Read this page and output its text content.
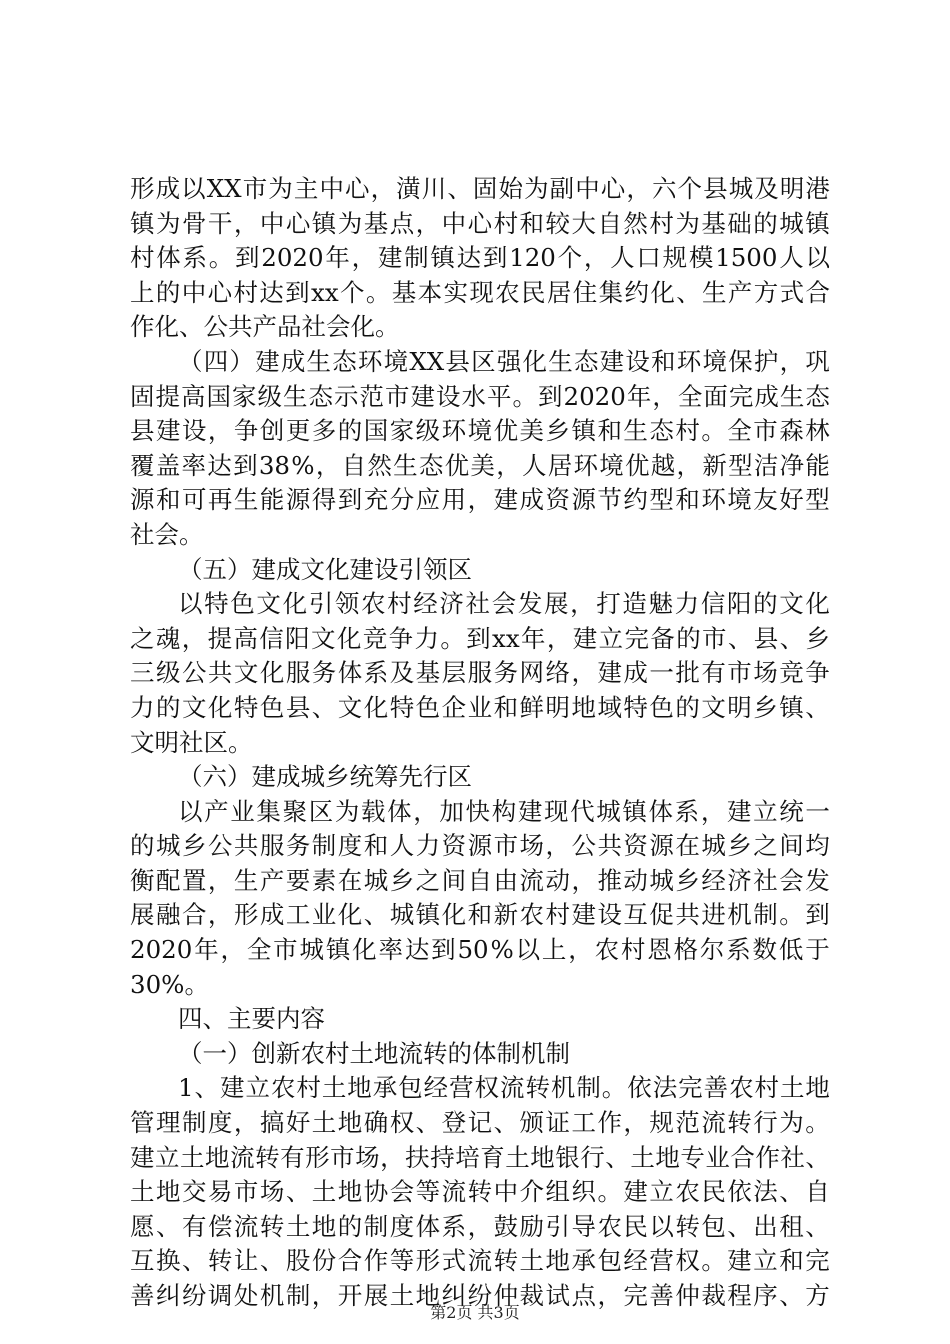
形 成 以 XX 市 为 主 中 心 ， 潢 川 、 固 始 为 副 中 心 ， 六 个 县 城 及 明 港
镇 为 骨 干 ， 中 心 镇 为 基 点 ， 中 心 村 和 较 大 自 然 村 为 基 础 的 城 镇
村 体 系 。 到 2020 年 ， 建 制 镇 达 到 120 个 ， 人 口 规 模 1500 人 以
上 的 中 心 村 达 到 xx 个 。 基 本 实 现 农 民 居 住 集 约 化 、 生 产 方 式 合
作化、公共产品社会化。
（ 四 ） 建 成 生 态 环 境 XX 县 区 强 化 生 态 建 设 和 环 境 保 护 ， 巩
固 提 高 国 家 级 生 态 示 范 市 建 设 水 平 。 到 2020 年 ， 全 面 完 成 生 态
县 建 设 ， 争 创 更 多 的 国 家 级 环 境 优 美 乡 镇 和 生 态 村 。 全 市 森 林
覆 盖 率 达 到 38 % ， 自 然 生 态 优 美 ， 人 居 环 境 优 越 ， 新 型 洁 净 能
源 和 可 再 生 能 源 得 到 充 分 应 用 ， 建 成 资 源 节 约 型 和 环 境 友 好 型
社会。
（五）建成文化建设引领区
以 特 色 文 化 引 领 农 村 经 济 社 会 发 展 ， 打 造 魅 力 信 阳 的 文 化
之 魂 ， 提 高 信 阳 文 化 竞 争 力 。 到 xx 年 ， 建 立 完 备 的 市 、 县 、 乡
三 级 公 共 文 化 服 务 体 系 及 基 层 服 务 网 络 ， 建 成 一 批 有 市 场 竞 争
力 的 文 化 特 色 县 、 文 化 特 色 企 业 和 鲜 明 地 域 特 色 的 文 明 乡 镇 、
文明社区。
（六）建成城乡统筹先行区
以 产 业 集 聚 区 为 载 体 ， 加 快 构 建 现 代 城 镇 体 系 ， 建 立 统 一
的 城 乡 公 共 服 务 制 度 和 人 力 资 源 市 场 ， 公 共 资 源 在 城 乡 之 间 均
衡 配 置 ， 生 产 要 素 在 城 乡 之 间 自 由 流 动 ， 推 动 城 乡 经 济 社 会 发
展 融 合 ， 形 成 工 业 化 、 城 镇 化 和 新 农 村 建 设 互 促 共 进 机 制 。 到
2020 年 ， 全 市 城 镇 化 率 达 到 50 % 以 上 ， 农 村 恩 格 尔 系 数 低 于
30%。
四、主要内容
（一）创新农村土地流转的体制机制
1 、 建 立 农 村 土 地 承 包 经 营 权 流 转 机 制 。 依 法 完 善 农 村 土 地
管 理 制 度 ， 搞 好 土 地 确 权 、 登 记 、 颁 证 工 作 ， 规 范 流 转 行 为 。
建 立 土 地 流 转 有 形 市 场 ， 扶 持 培 育 土 地 银 行 、 土 地 专 业 合 作 社 、
土 地 交 易 市 场 、 土 地 协 会 等 流 转 中 介 组 织 。 建 立 农 民 依 法 、 自
愿 、 有 偿 流 转 土 地 的 制 度 体 系 ， 鼓 励 引 导 农 民 以 转 包 、 出 租 、
互 换 、 转 让 、 股 份 合 作 等 形 式 流 转 土 地 承 包 经 营 权 。 建 立 和 完
善 纠 纷 调 处 机 制 ， 开 展 土 地 纠 纷 仲 裁 试 点 ， 完 善 仲 裁 程 序 、 方
第2页 共3页
